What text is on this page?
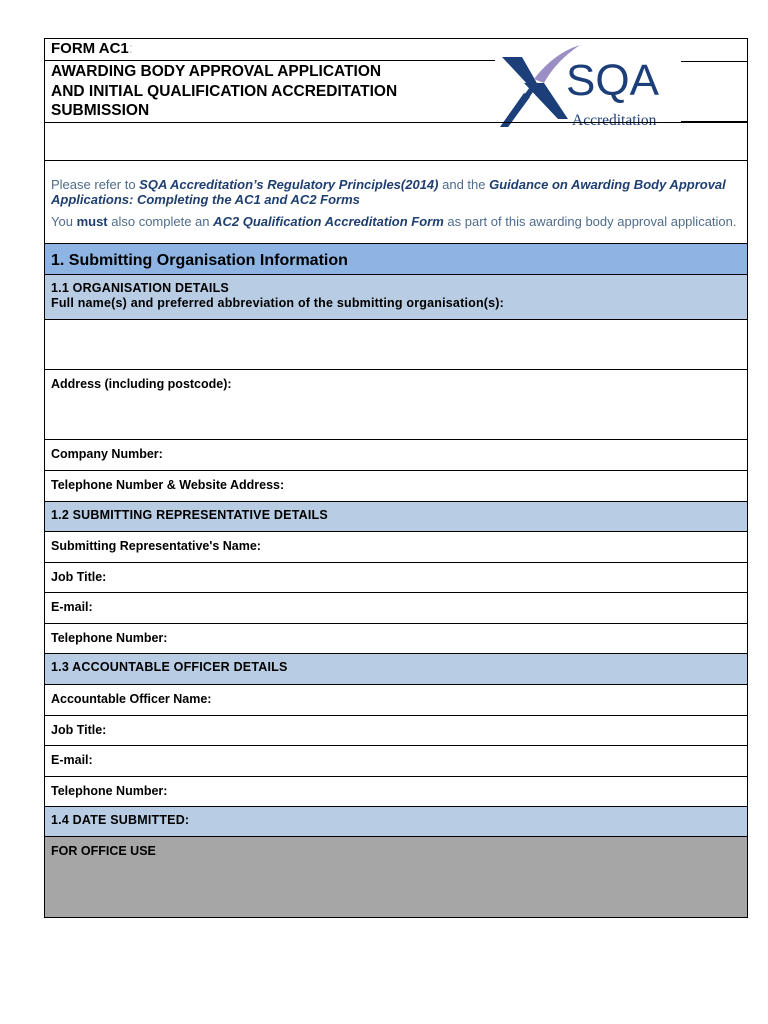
FORM AC1:
AWARDING BODY APPROVAL APPLICATION
AND INITIAL QUALIFICATION ACCREDITATION
SUBMISSION
SQA
Accreditation

Please refer to SQA Accreditation’s Regulatory Principles(2014) and the Guidance on Awarding Body Approval Applications: Completing the AC1 and AC2 Forms

You must also complete an AC2 Qualification Accreditation Form as part of this awarding body approval application.

1. Submitting Organisation Information
1.1 ORGANISATION DETAILS
Full name(s) and preferred abbreviation of the submitting organisation(s):
Address (including postcode):
Company Number:
Telephone Number & Website Address:
1.2 SUBMITTING REPRESENTATIVE DETAILS
Submitting Representative's Name:
Job Title:
E-mail:
Telephone Number:
1.3 ACCOUNTABLE OFFICER DETAILS
Accountable Officer Name:
Job Title:
E-mail:
Telephone Number:
1.4 DATE SUBMITTED:
FOR OFFICE USE
